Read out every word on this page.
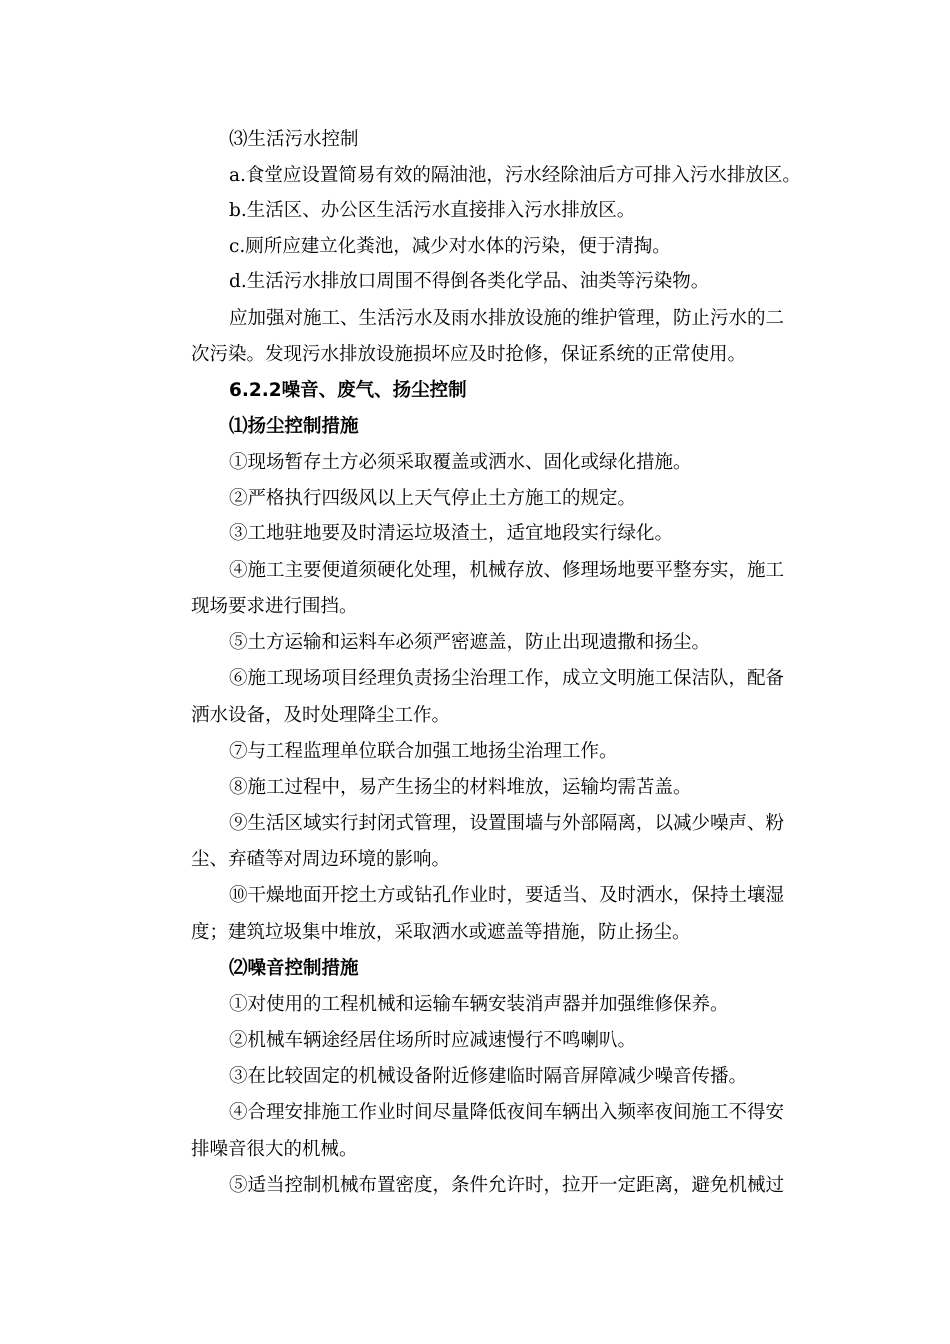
⑶生活污水控制
a.食堂应设置简易有效的隔油池，污水经除油后方可排入污水排放区。
b.生活区、办公区生活污水直接排入污水排放区。
c.厕所应建立化粪池，减少对水体的污染，便于清掏。
d.生活污水排放口周围不得倒各类化学品、油类等污染物。
应加强对施工、生活污水及雨水排放设施的维护管理，防止污水的二
次污染。发现污水排放设施损坏应及时抢修，保证系统的正常使用。
6.2.2噪音、废气、扬尘控制
⑴扬尘控制措施
①现场暂存土方必须采取覆盖或洒水、固化或绿化措施。
②严格执行四级风以上天气停止土方施工的规定。
③工地驻地要及时清运垃圾渣土，适宜地段实行绿化。
④施工主要便道须硬化处理，机械存放、修理场地要平整夯实，施工
现场要求进行围挡。
⑤土方运输和运料车必须严密遮盖，防止出现遗撒和扬尘。
⑥施工现场项目经理负责扬尘治理工作，成立文明施工保洁队，配备
洒水设备，及时处理降尘工作。
⑦与工程监理单位联合加强工地扬尘治理工作。
⑧施工过程中，易产生扬尘的材料堆放，运输均需苫盖。
⑨生活区域实行封闭式管理，设置围墙与外部隔离，以减少噪声、粉
尘、弃碴等对周边环境的影响。
⑩干燥地面开挖土方或钻孔作业时，要适当、及时洒水，保持土壤湿
度；建筑垃圾集中堆放，采取洒水或遮盖等措施，防止扬尘。
⑵噪音控制措施
①对使用的工程机械和运输车辆安装消声器并加强维修保养。
②机械车辆途经居住场所时应减速慢行不鸣喇叭。
③在比较固定的机械设备附近修建临时隔音屏障减少噪音传播。
④合理安排施工作业时间尽量降低夜间车辆出入频率夜间施工不得安
排噪音很大的机械。
⑤适当控制机械布置密度，条件允许时，拉开一定距离，避免机械过
